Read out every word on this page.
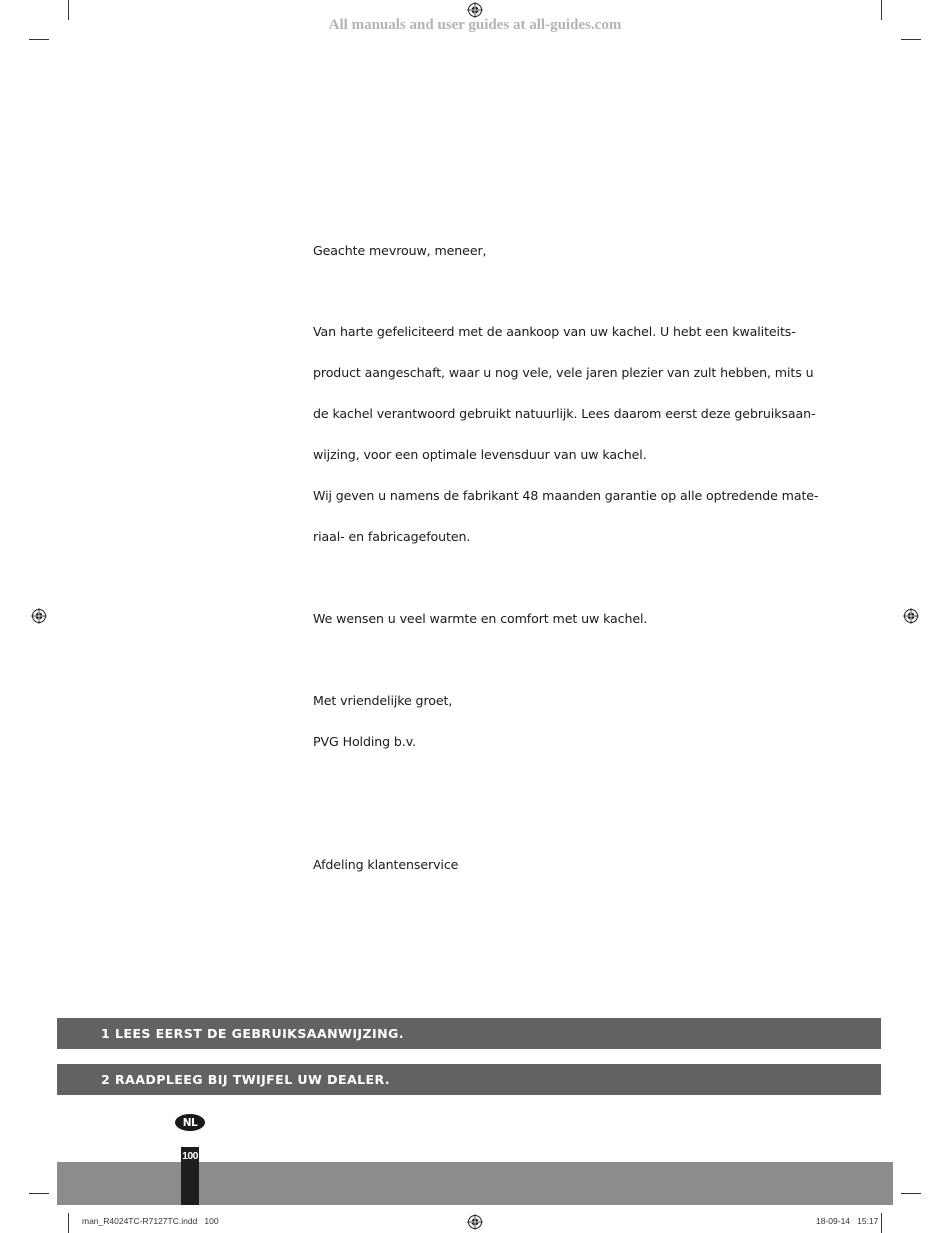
All manuals and user guides at all-guides.com

Geachte mevrouw, meneer,

Van harte gefeliciteerd met de aankoop van uw kachel. U hebt een kwaliteits-

product aangeschaft, waar u nog vele, vele jaren plezier van zult hebben, mits u

de kachel verantwoord gebruikt natuurlijk. Lees daarom eerst deze gebruiksaan-

wijzing, voor een optimale levensduur van uw kachel.

Wij geven u namens de fabrikant 48 maanden garantie op alle optredende mate-

riaal- en fabricagefouten.

We wensen u veel warmte en comfort met uw kachel.

Met vriendelijke groet,

PVG Holding b.v.

Afdeling klantenservice

1 LEES EERST DE GEBRUIKSAANWIJZING.
2 RAADPLEEG BIJ TWIJFEL UW DEALER.
NL
100
man_R4024TC-R7127TC.indd   100	18-09-14   15:17
